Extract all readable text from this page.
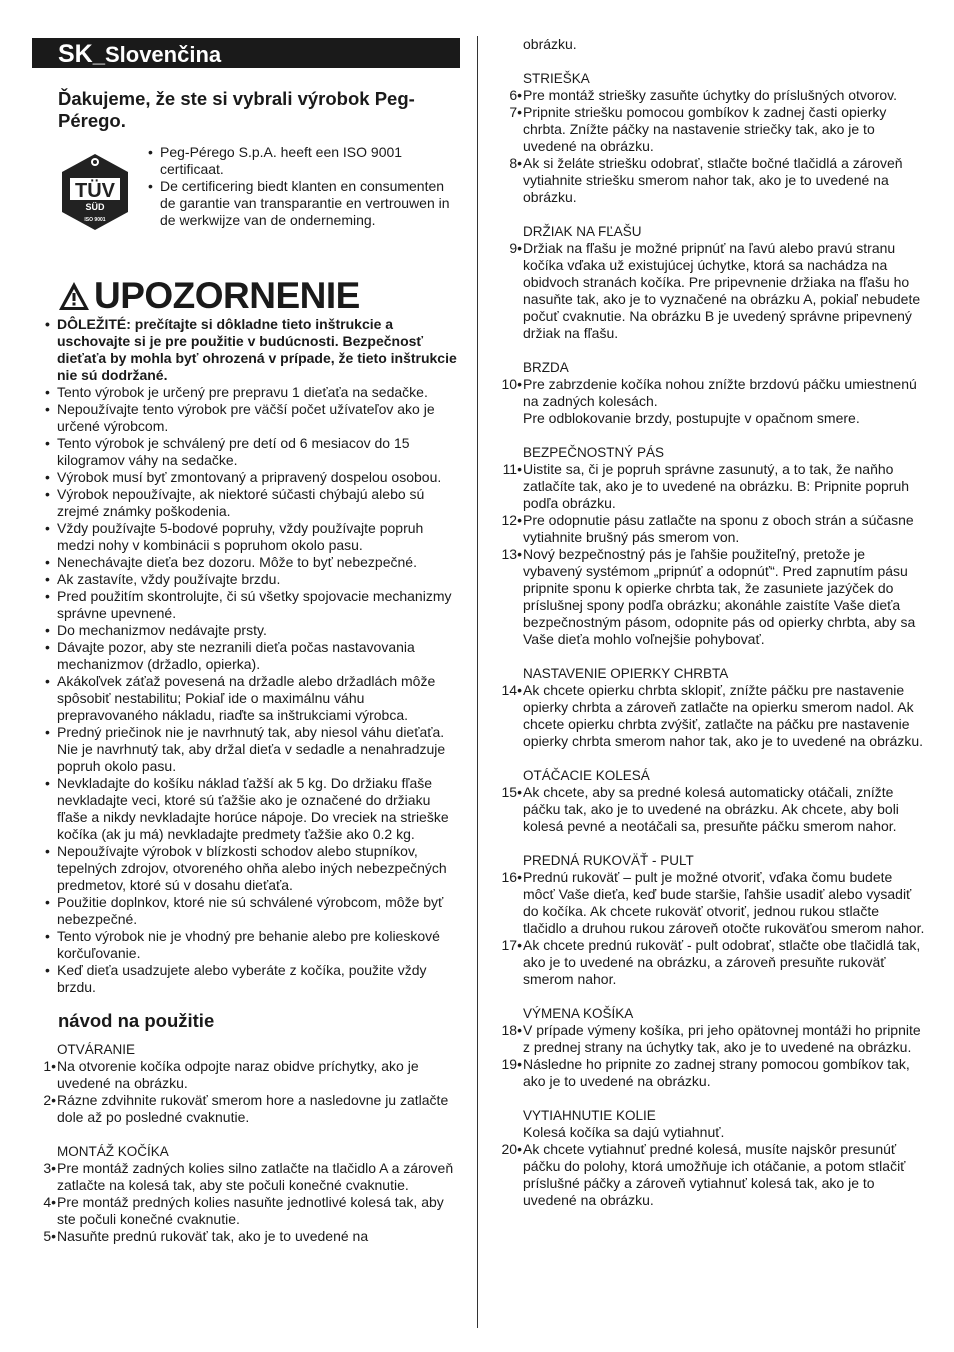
SK _Slovenčina
Ďakujeme, že ste si vybrali výrobok Peg-Pérego.
TÜV
SÜD
ISO 9001
• Peg-Pérego S.p.A. heeft een ISO 9001 certificaat.
• De certificering biedt klanten en consumenten de garantie van transparantie en vertrouwen in de werkwijze van de onderneming.
UPOZORNENIE
• DÔLEŽITÉ: prečítajte si dôkladne tieto inštrukcie a uschovajte si je pre použitie v budúcnosti. Bezpečnosť dieťaťa by mohla byť ohrozená v prípade, že tieto inštrukcie nie sú dodržané.
• Tento výrobok je určený pre prepravu 1 dieťaťa na sedačke.
• Nepoužívajte tento výrobok pre väčší počet užívateľov ako je určené výrobcom.
• Tento výrobok je schválený pre detí od 6 mesiacov do 15 kilogramov váhy na sedačke.
• Výrobok musí byť zmontovaný a pripravený dospelou osobou.
• Výrobok nepoužívajte, ak niektoré súčasti chýbajú alebo sú zrejmé známky poškodenia.
• Vždy používajte 5-bodové popruhy, vždy používajte popruh medzi nohy v kombinácii s popruhom okolo pasu.
• Nenechávajte dieťa bez dozoru. Môže to byť nebezpečné.
• Ak zastavíte, vždy používajte brzdu.
• Pred použitím skontrolujte, či sú všetky spojovacie mechanizmy správne upevnené.
• Do mechanizmov nedávajte prsty.
• Dávajte pozor, aby ste nezranili dieťa počas nastavovania mechanizmov (držadlo, opierka).
• Akákoľvek záťaž povesená na držadle alebo držadlách môže spôsobiť nestabilitu; Pokiaľ ide o maximálnu váhu prepravovaného nákladu, riaďte sa inštrukciami výrobca.
• Predný priečinok nie je navrhnutý tak, aby niesol váhu dieťaťa. Nie je navrhnutý tak, aby držal dieťa v sedadle a nenahradzuje popruh okolo pasu.
• Nevkladajte do košíku náklad ťažší ak 5 kg. Do držiaku fľaše nevkladajte veci, ktoré sú ťažšie ako je označené do držiaku fľaše a nikdy nevkladajte horúce nápoje. Do vreciek na strieške kočíka (ak ju má) nevkladajte predmety ťažšie ako 0.2 kg.
• Nepoužívajte výrobok v blízkosti schodov alebo stupníkov, tepelných zdrojov, otvoreného ohňa alebo iných nebezpečných predmetov, ktoré sú v dosahu dieťaťa.
• Použitie doplnkov, ktoré nie sú schválené výrobcom, môže byť nebezpečné.
• Tento výrobok nie je vhodný pre behanie alebo pre kolieskové korčuľovanie.
• Keď dieťa usadzujete alebo vyberáte z kočíka, použite vždy brzdu.
návod na použitie
OTVÁRANIE
1• Na otvorenie kočíka odpojte naraz obidve príchytky, ako je uvedené na obrázku.
2• Rázne zdvihnite rukoväť smerom hore a nasledovne ju zatlačte dole až po posledné cvaknutie.
MONTÁŽ KOČÍKA
3• Pre montáž zadných kolies silno zatlačte na tlačidlo A a zároveň zatlačte na kolesá tak, aby ste počuli konečné cvaknutie.
4• Pre montáž predných kolies nasuňte jednotlivé kolesá tak, aby ste počuli konečné cvaknutie.
5• Nasuňte prednú rukoväť tak, ako je to uvedené na
obrázku.
STRIEŠKA
6• Pre montáž striešky zasuňte úchytky do príslušných otvorov.
7• Pripnite striešku pomocou gombíkov k zadnej časti opierky chrbta. Znížte páčky na nastavenie striečky tak, ako je to uvedené na obrázku.
8• Ak si želáte striešku odobrať, stlačte bočné tlačidlá a zároveň vytiahnite striešku smerom nahor tak, ako je to uvedené na obrázku.
DRŽIAK NA FĽAŠU
9• Držiak na fľašu je možné pripnúť na ľavú alebo pravú stranu kočíka vďaka už existujúcej úchytke, ktorá sa nachádza na obidvoch stranách kočíka. Pre pripevnenie držiaka na fľašu ho nasuňte tak, ako je to vyznačené na obrázku A, pokiaľ nebudete počuť cvaknutie. Na obrázku B je uvedený správne pripevnený držiak na fľašu.
BRZDA
10• Pre zabrzdenie kočíka nohou znížte brzdovú páčku umiestnenú na zadných kolesách.
Pre odblokovanie brzdy, postupujte v opačnom smere.
BEZPEČNOSTNÝ PÁS
11• Uistite sa, či je popruh správne zasunutý, a to tak, že naňho zatlačíte tak, ako je to uvedené na obrázku. B: Pripnite popruh podľa obrázku.
12• Pre odopnutie pásu zatlačte na sponu z oboch strán a súčasne vytiahnite brušný pás smerom von.
13• Nový bezpečnostný pás je ľahšie použiteľný, pretože je vybavený systémom „pripnúť a odopnúť“. Pred zapnutím pásu pripnite sponu k opierke chrbta tak, že zasuniete jazýček do príslušnej spony podľa obrázku; akonáhle zaistíte Vaše dieťa bezpečnostným pásom, odopnite pás od opierky chrbta, aby sa Vaše dieťa mohlo voľnejšie pohybovať.
NASTAVENIE OPIERKY CHRBTA
14• Ak chcete opierku chrbta sklopiť, znížte páčku pre nastavenie opierky chrbta a zároveň zatlačte na opierku smerom nadol. Ak chcete opierku chrbta zvýšiť, zatlačte na páčku pre nastavenie opierky chrbta smerom nahor tak, ako je to uvedené na obrázku.
OTÁČACIE KOLESÁ
15• Ak chcete, aby sa predné kolesá automaticky otáčali, znížte páčku tak, ako je to uvedené na obrázku. Ak chcete, aby boli kolesá pevné a neotáčali sa, presuňte páčku smerom nahor.
PREDNÁ RUKOVÄŤ - PULT
16• Prednú rukoväť – pult je možné otvoriť, vďaka čomu budete môcť Vaše dieťa, keď bude staršie, ľahšie usadiť alebo vysadiť do kočíka. Ak chcete rukoväť otvoriť, jednou rukou stlačte tlačidlo a druhou rukou zároveň otočte rukoväťou smerom nahor.
17• Ak chcete prednú rukoväť - pult odobrať, stlačte obe tlačidlá tak, ako je to uvedené na obrázku, a zároveň presuňte rukoväť smerom nahor.
VÝMENA KOŠÍKA
18• V prípade výmeny košíka, pri jeho opätovnej montáži ho pripnite z prednej strany na úchytky tak, ako je to uvedené na obrázku.
19• Následne ho pripnite zo zadnej strany pomocou gombíkov tak, ako je to uvedené na obrázku.
VYTIAHNUTIE KOLIE
Kolesá kočíka sa dajú vytiahnuť.
20• Ak chcete vytiahnuť predné kolesá, musíte najskôr presunúť páčku do polohy, ktorá umožňuje ich otáčanie, a potom stlačiť príslušné páčky a zároveň vytiahnuť kolesá tak, ako je to uvedené na obrázku.
